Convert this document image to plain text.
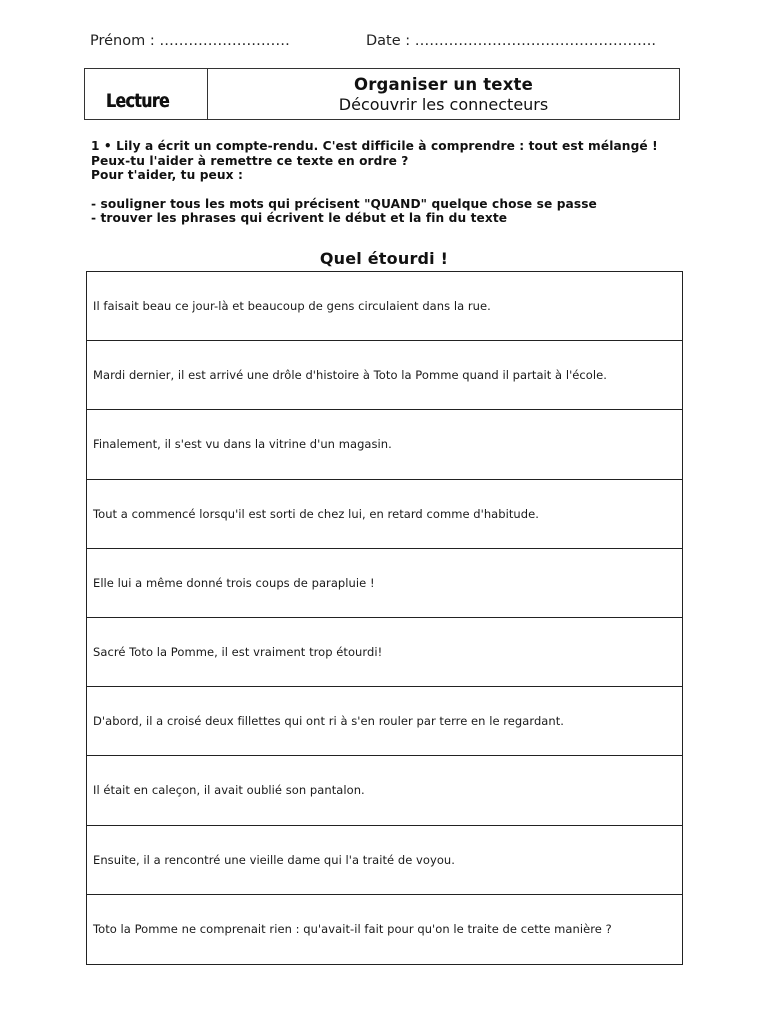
Prénom : ………………………	Date : …………………………………………..
Lecture
Organiser un texte
Découvrir les connecteurs
1 • Lily a écrit un compte-rendu. C'est difficile à comprendre : tout est mélangé !
Peux-tu l'aider à remettre ce texte en ordre ?
Pour t'aider, tu peux :
- souligner tous les mots qui précisent "QUAND" quelque chose se passe
- trouver les phrases qui écrivent le début et la fin du texte
Quel étourdi !
Il faisait beau ce jour-là et beaucoup de gens circulaient dans la rue.
Mardi dernier, il est arrivé une drôle d'histoire à Toto la Pomme quand il partait à l'école.
Finalement, il s'est vu dans la vitrine d'un magasin.
Tout a commencé lorsqu'il est sorti de chez lui, en retard comme d'habitude.
Elle lui a même donné trois coups de parapluie !
Sacré Toto la Pomme, il est vraiment trop étourdi!
D'abord, il a croisé deux fillettes qui ont ri à s'en rouler par terre en le regardant.
Il était en caleçon, il avait oublié son pantalon.
Ensuite, il a rencontré une vieille dame qui l'a traité de voyou.
Toto la Pomme ne comprenait rien : qu'avait-il fait pour qu'on le traite de cette manière ?
